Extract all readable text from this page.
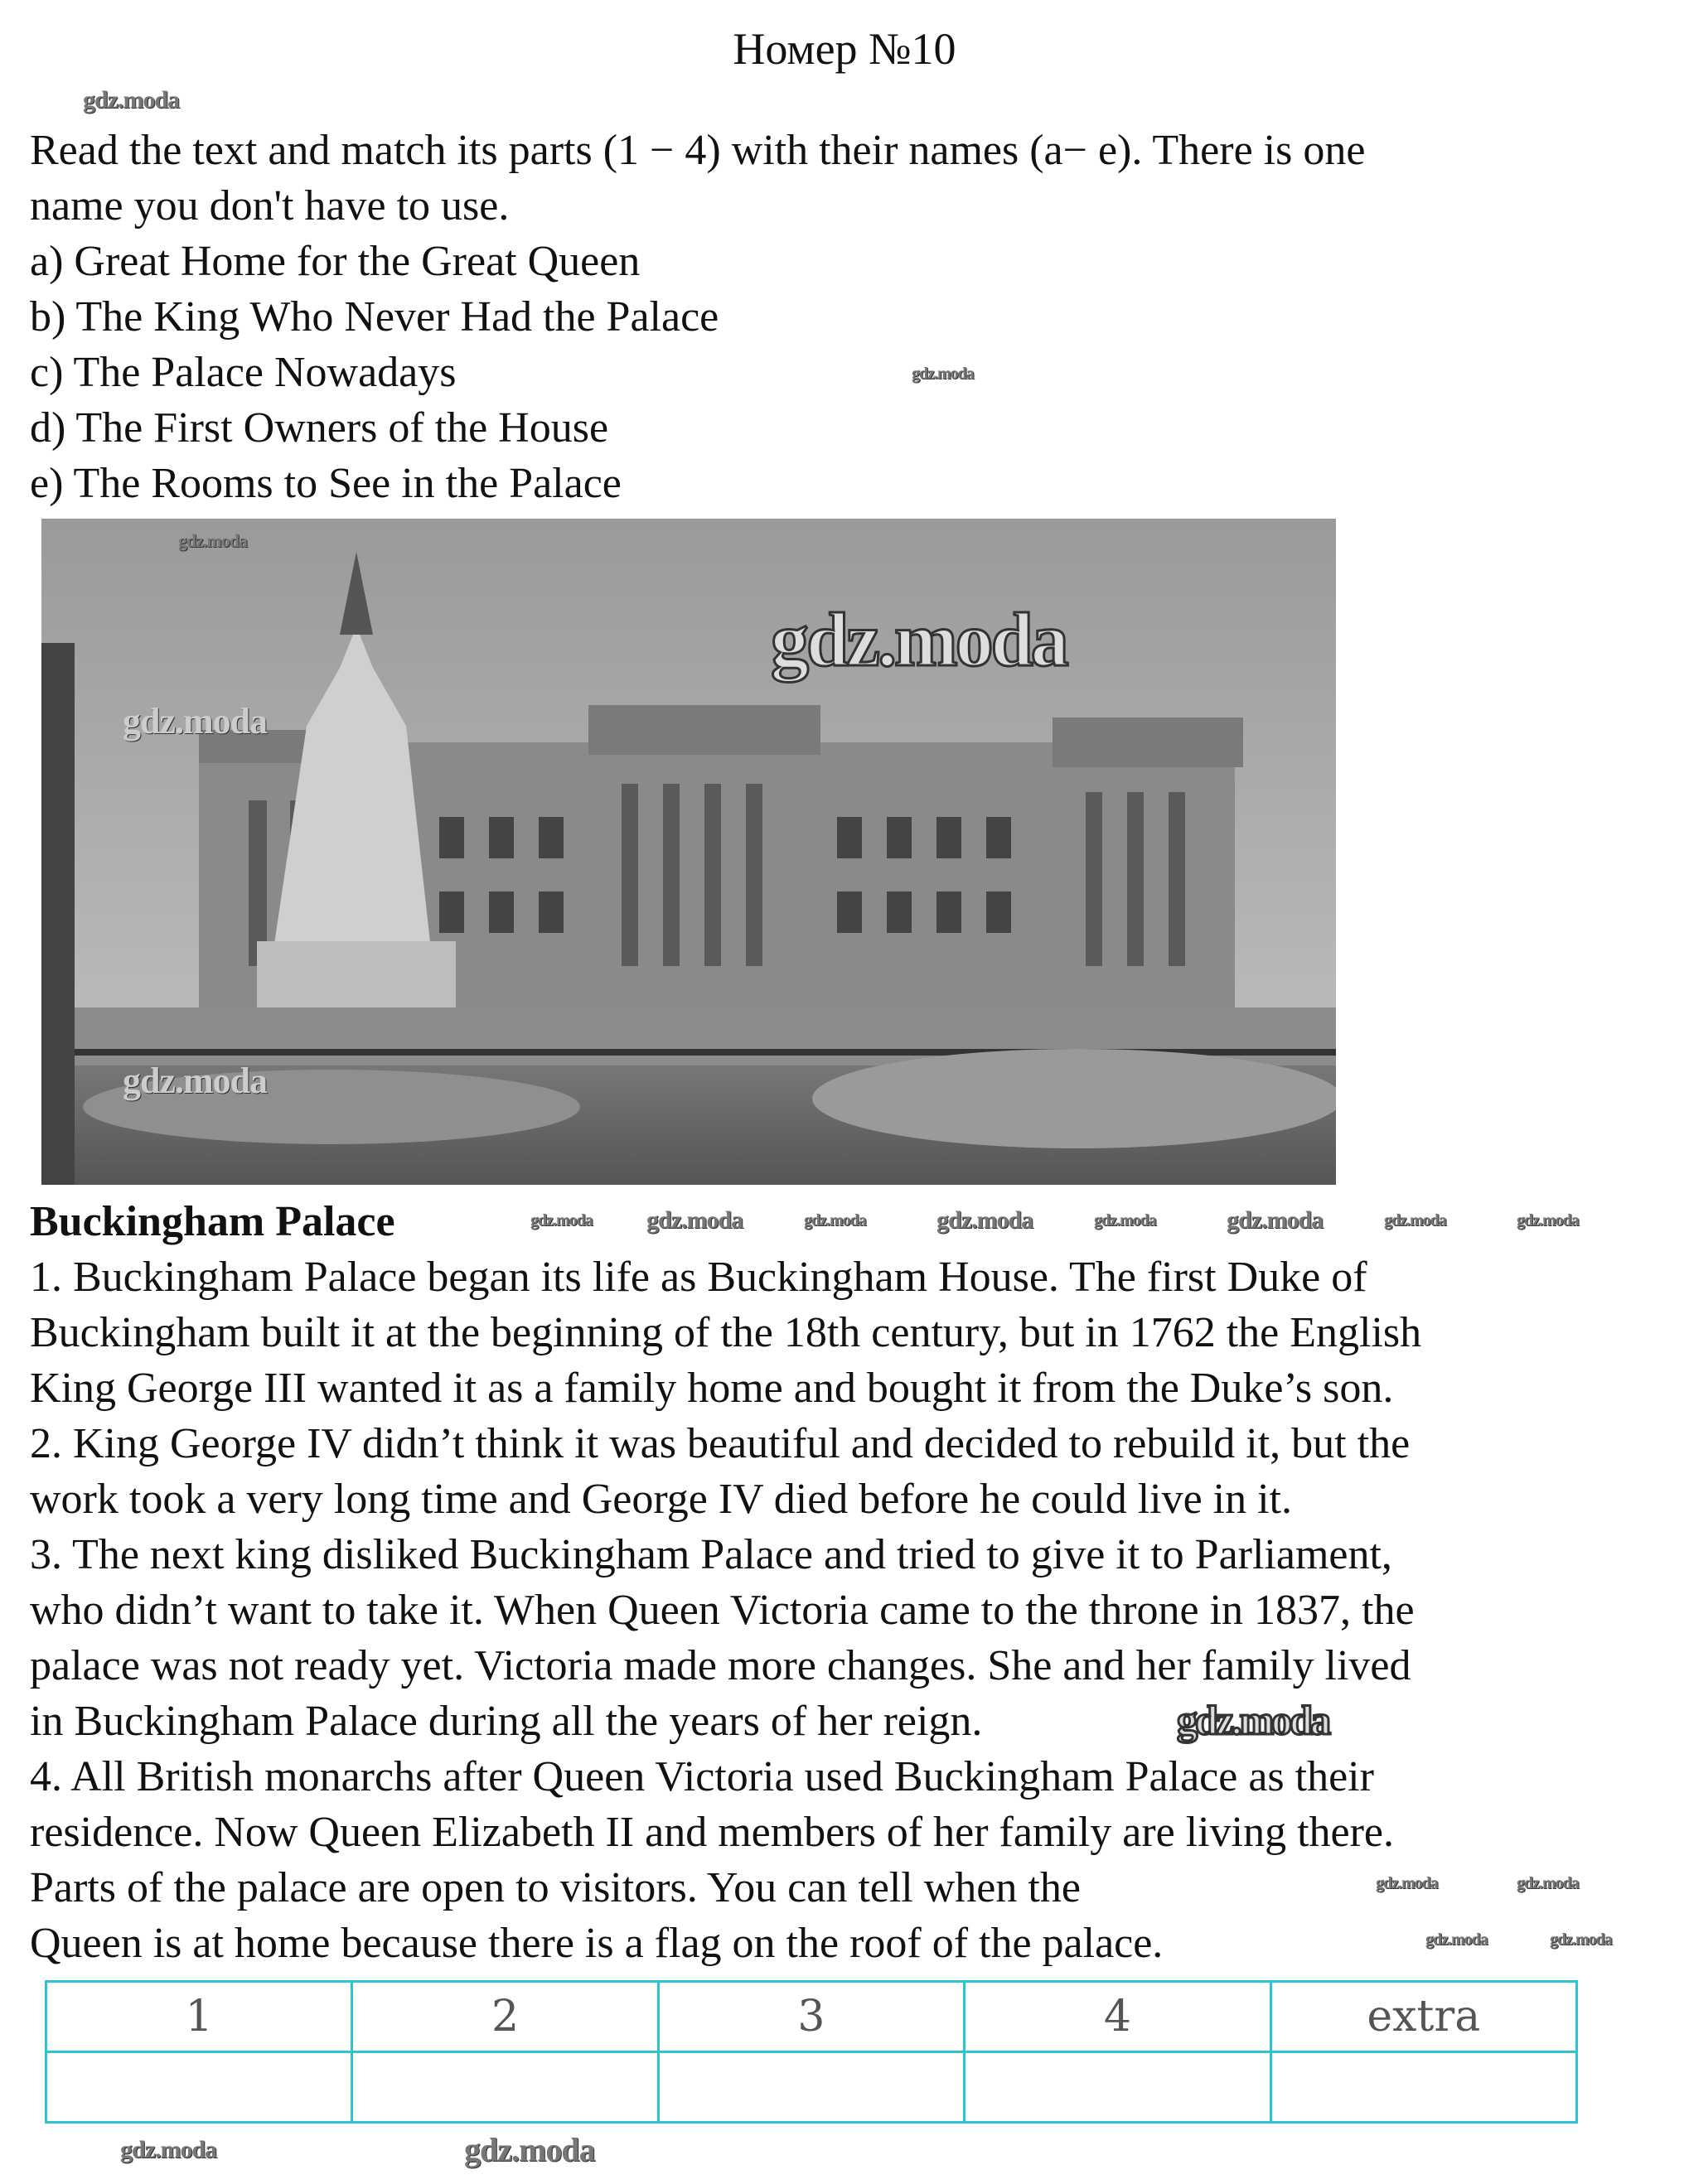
Номер №10
gdz.moda
Read the text and match its parts (1 − 4) with their names (a− e). There is one
name you don't have to use.
a) Great Home for the Great Queen
b) The King Who Never Had the Palace
c) The Palace Nowadays	gdz.moda
d) The First Owners of the House
e) The Rooms to See in the Palace
gdz.moda
gdz.moda
gdz.moda
gdz.moda
Buckingham Palace	gdz.moda	gdz.moda	gdz.moda	gdz.moda
gdz.moda	gdz.moda	gdz.moda	gdz.moda
1. Buckingham Palace began its life as Buckingham House. The first Duke of
Buckingham built it at the beginning of the 18th century, but in 1762 the English
King George III wanted it as a family home and bought it from the Duke’s son.
2. King George IV didn’t think it was beautiful and decided to rebuild it, but the
work took a very long time and George IV died before he could live in it.
3. The next king disliked Buckingham Palace and tried to give it to Parliament,
who didn’t want to take it. When Queen Victoria came to the throne in 1837, the
palace was not ready yet. Victoria made more changes. She and her family lived
in Buckingham Palace during all the years of her reign.	gdz.moda
4. All British monarchs after Queen Victoria used Buckingham Palace as their
residence. Now Queen Elizabeth II and members of her family are living there.
Parts of the palace are open to visitors. You can tell when the	gdz.moda	gdz.moda
Queen is at home because there is a flag on the roof of the palace.	gdz.moda	gdz.moda
1	2	3	4	extra

gdz.moda	gdz.moda
